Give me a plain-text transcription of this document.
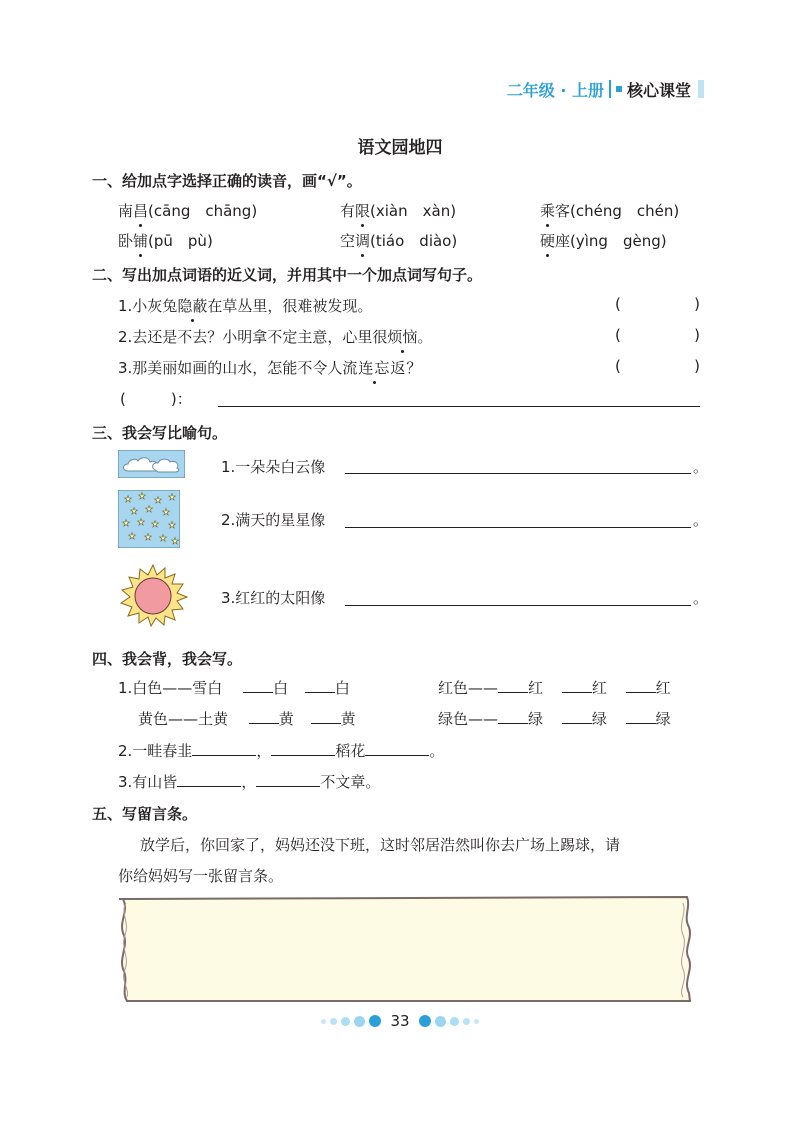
二年级 · 上册 核心课堂
语文园地四
一、给加点字选择正确的读音，画“√”。
南昌(cāng　chāng)	有限(xiàn　xàn)	乘客(chéng　chén)
卧铺(pū　pù)	空调(tiáo　diào)	硬座(yìng　gèng)
二、写出加点词语的近义词，并用其中一个加点词写句子。
1.小灰兔隐蔽在草丛里，很难被发现。	(	)
2.去还是不去？小明拿不定主意，心里很烦恼。	(	)
3.那美丽如画的山水，怎能不令人流连忘返？	(	)
(　　　)：
三、我会写比喻句。
1.一朵朵白云像	。
★ ★ ★ ★
★ ★ ★
★ ★ ★ ★
★ ★ ★ ★
2.满天的星星像	。
3.红红的太阳像	。
四、我会背，我会写。
1.白色——雪白	白	白	红色—— 红	红	红
黄色——土黄	黄	黄	绿色—— 绿	绿	绿
2.一畦春韭	，	稻花	。
3.有山皆	，	不文章。
五、写留言条。
放学后，你回家了，妈妈还没下班，这时邻居浩然叫你去广场上踢球，请
你给妈妈写一张留言条。
33
